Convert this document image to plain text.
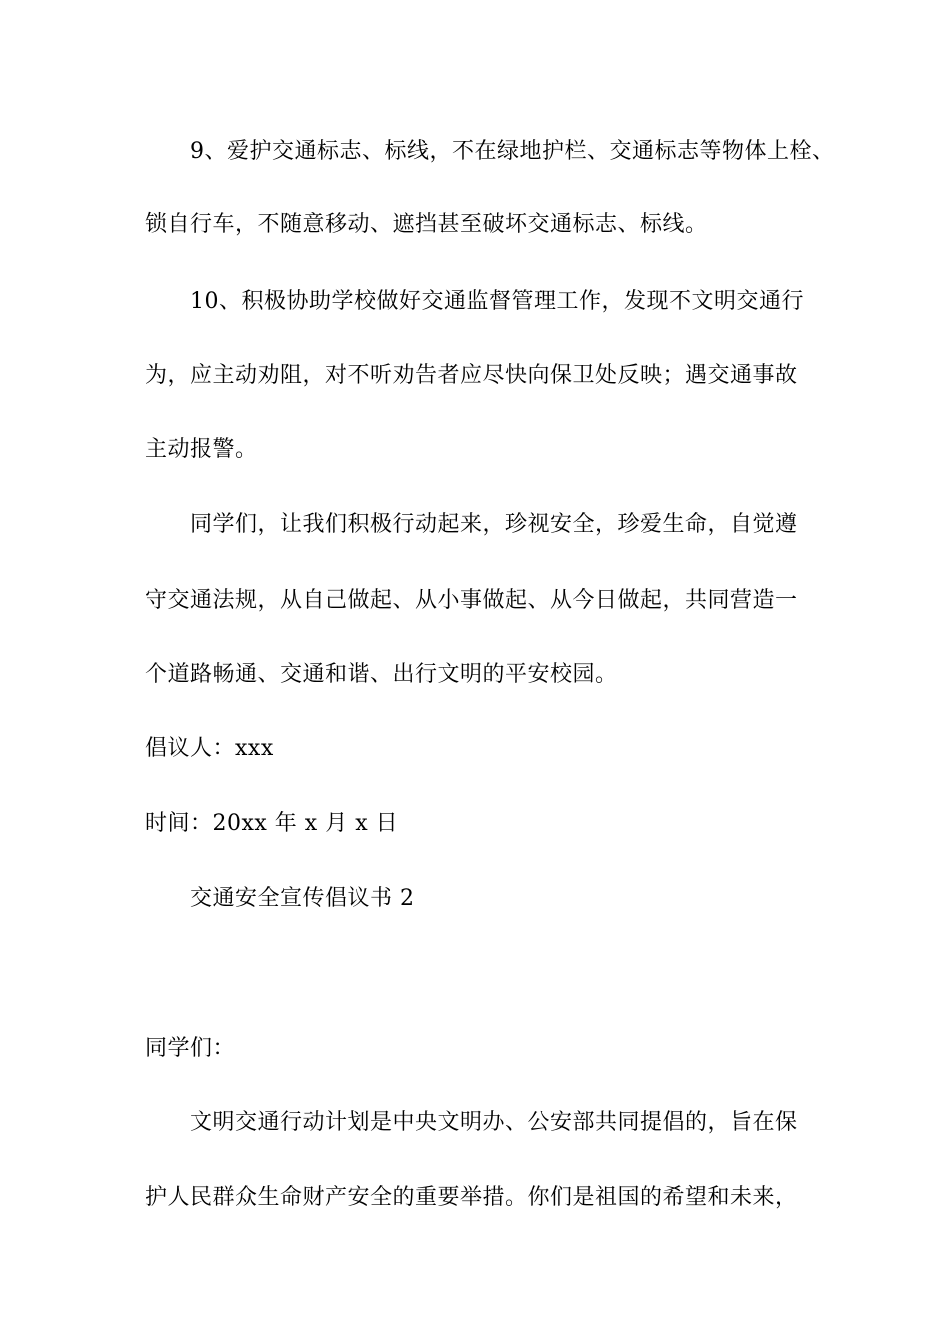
9、爱护交通标志、标线，不在绿地护栏、交通标志等物体上栓、
锁自行车，不随意移动、遮挡甚至破坏交通标志、标线。
10、积极协助学校做好交通监督管理工作，发现不文明交通行
为，应主动劝阻，对不听劝告者应尽快向保卫处反映；遇交通事故
主动报警。
同学们，让我们积极行动起来，珍视安全，珍爱生命，自觉遵
守交通法规，从自己做起、从小事做起、从今日做起，共同营造一
个道路畅通、交通和谐、出行文明的平安校园。
倡议人：xxx
时间：20xx 年 x 月 x 日
交通安全宣传倡议书 2
同学们：
文明交通行动计划是中央文明办、公安部共同提倡的，旨在保
护人民群众生命财产安全的重要举措。你们是祖国的希望和未来，
